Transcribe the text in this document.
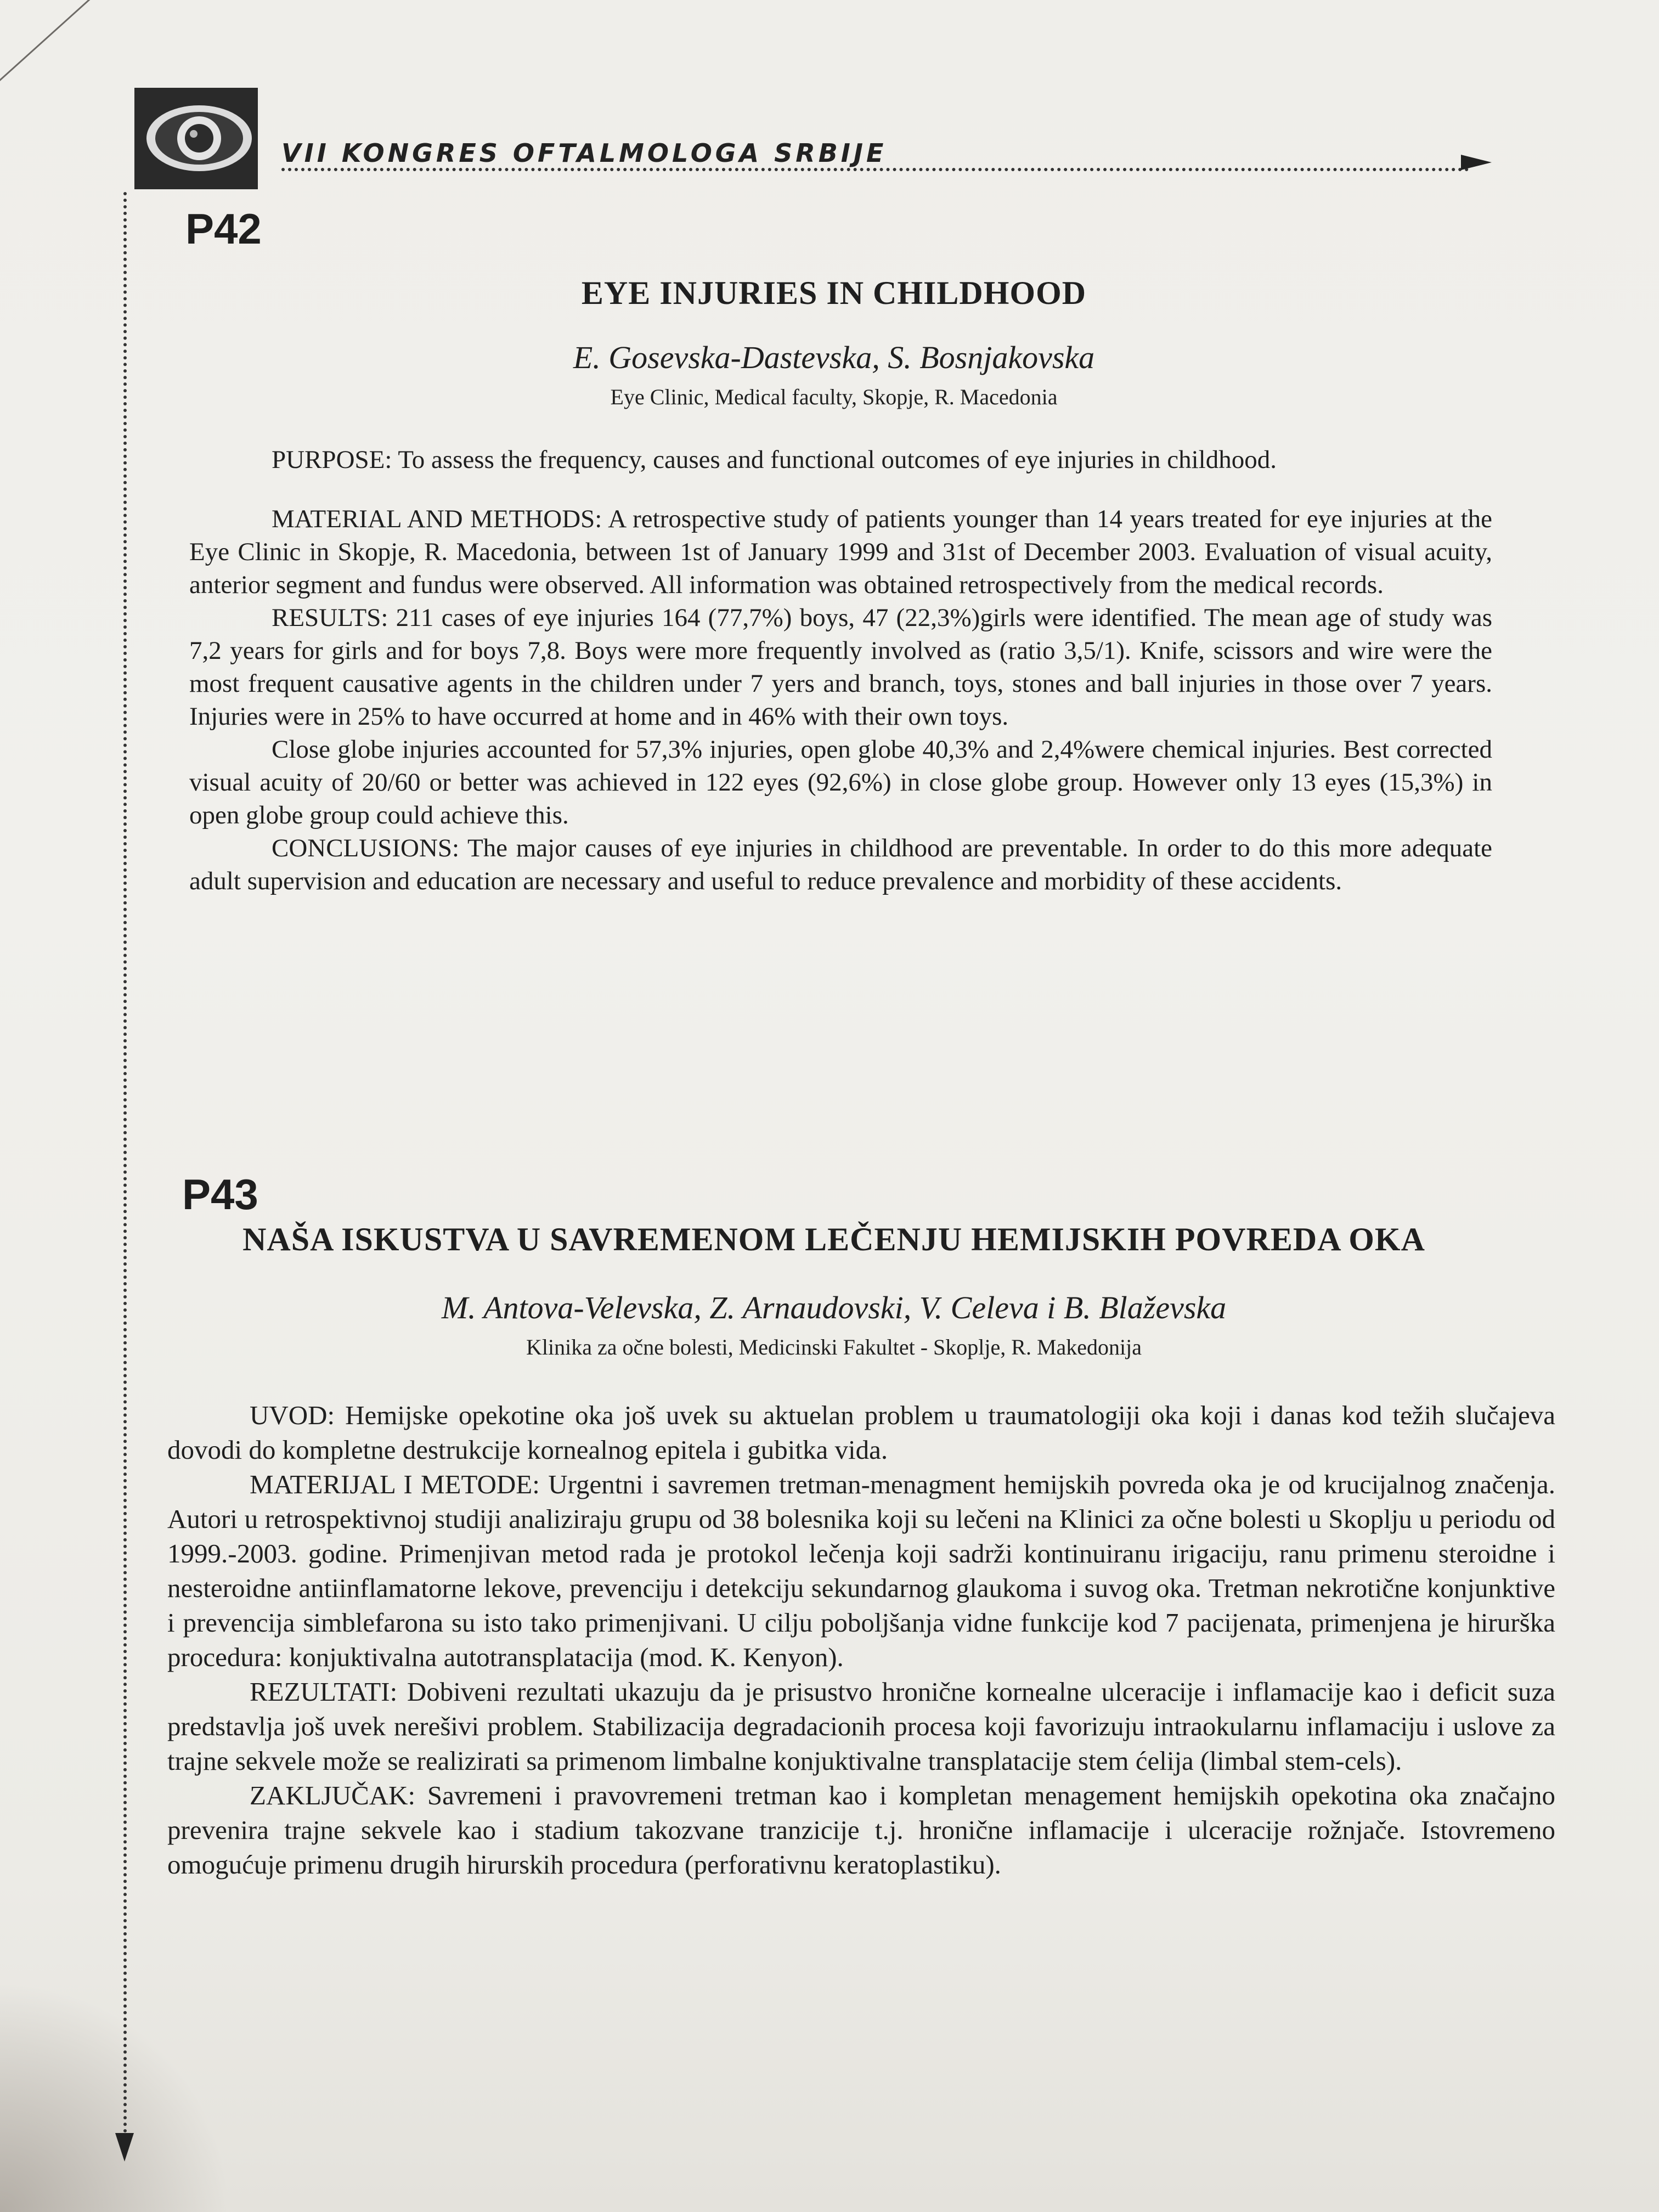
VII KONGRES OFTALMOLOGA SRBIJE
P42
EYE INJURIES IN CHILDHOOD
E. Gosevska-Dastevska, S. Bosnjakovska
Eye Clinic, Medical faculty, Skopje, R. Macedonia

PURPOSE: To assess the frequency, causes and functional outcomes of eye injuries in childhood.

MATERIAL AND METHODS: A retrospective study of patients younger than 14 years treated for eye injuries at the Eye Clinic in Skopje, R. Macedonia, between 1st of January 1999 and 31st of December 2003. Evaluation of visual acuity, anterior segment and fundus were observed. All information was obtained retrospectively from the medical records.

RESULTS: 211 cases of eye injuries 164 (77,7%) boys, 47 (22,3%)girls were identified. The mean age of study was 7,2 years for girls and for boys 7,8. Boys were more frequently involved as (ratio 3,5/1). Knife, scissors and wire were the most frequent causative agents in the children under 7 yers and branch, toys, stones and ball injuries in those over 7 years. Injuries were in 25% to have occurred at home and in 46% with their own toys.

Close globe injuries accounted for 57,3% injuries, open globe 40,3% and 2,4%were chemical injuries. Best corrected visual acuity of 20/60 or better was achieved in 122 eyes (92,6%) in close globe group. However only 13 eyes (15,3%) in open globe group could achieve this.

CONCLUSIONS: The major causes of eye injuries in childhood are preventable. In order to do this more adequate adult supervision and education are necessary and useful to reduce prevalence and morbidity of these accidents.

P43
NAŠA ISKUSTVA U SAVREMENOM LEČENJU HEMIJSKIH POVREDA OKA
M. Antova-Velevska, Z. Arnaudovski, V. Celeva i B. Blaževska
Klinika za očne bolesti, Medicinski Fakultet - Skoplje, R. Makedonija

UVOD: Hemijske opekotine oka još uvek su aktuelan problem u traumatologiji oka koji i danas kod težih slučajeva dovodi do kompletne destrukcije kornealnog epitela i gubitka vida.

MATERIJAL I METODE: Urgentni i savremen tretman-menagment hemijskih povreda oka je od krucijalnog značenja. Autori u retrospektivnoj studiji analiziraju grupu od 38 bolesnika koji su lečeni na Klinici za očne bolesti u Skoplju u periodu od 1999.-2003. godine. Primenjivan metod rada je protokol lečenja koji sadrži kontinuiranu irigaciju, ranu primenu steroidne i nesteroidne antiinflamatorne lekove, prevenciju i detekciju sekundarnog glaukoma i suvog oka. Tretman nekrotične konjunktive i prevencija simblefarona su isto tako primenjivani. U cilju poboljšanja vidne funkcije kod 7 pacijenata, primenjena je hirurška procedura: konjuktivalna autotransplatacija (mod. K. Kenyon).

REZULTATI: Dobiveni rezultati ukazuju da je prisustvo hronične kornealne ulceracije i inflamacije kao i deficit suza predstavlja još uvek nerešivi problem. Stabilizacija degradacionih procesa koji favorizuju intraokularnu inflamaciju i uslove za trajne sekvele može se realizirati sa primenom limbalne konjuktivalne transplatacije stem ćelija (limbal stem-cels).

ZAKLJUČAK: Savremeni i pravovremeni tretman kao i kompletan menagement hemijskih opekotina oka značajno prevenira trajne sekvele kao i stadium takozvane tranzicije t.j. hronične inflamacije i ulceracije rožnjače. Istovremeno omogućuje primenu drugih hirurskih procedura (perforativnu keratoplastiku).
